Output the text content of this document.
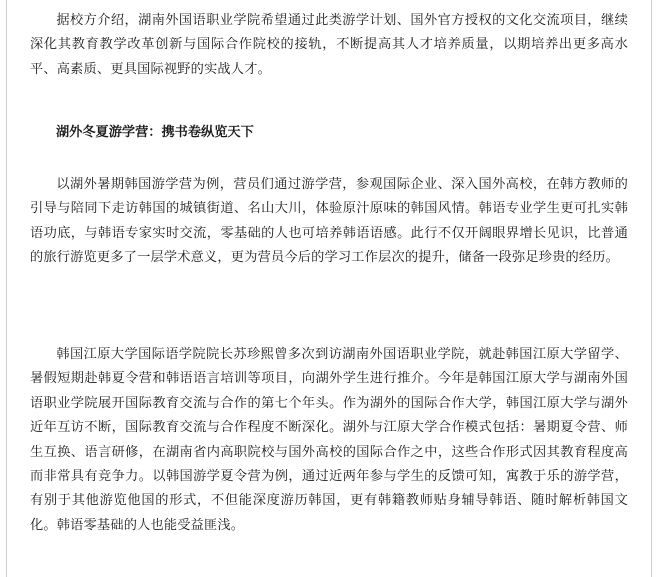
据校方介绍，湖南外国语职业学院希望通过此类游学计划、国外官方授权的文化交流项目，继续深化其教育教学改革创新与国际合作院校的接轨，不断提高其人才培养质量，以期培养出更多高水平、高素质、更具国际视野的实战人才。

湖外冬夏游学营：携书卷纵览天下

以湖外暑期韩国游学营为例，营员们通过游学营，参观国际企业、深入国外高校，在韩方教师的引导与陪同下走访韩国的城镇街道、名山大川，体验原汁原味的韩国风情。韩语专业学生更可扎实韩语功底，与韩语专家实时交流，零基础的人也可培养韩语语感。此行不仅开阔眼界增长见识，比普通的旅行游览更多了一层学术意义，更为营员今后的学习工作层次的提升，储备一段弥足珍贵的经历。

韩国江原大学国际语学院院长苏珍熙曾多次到访湖南外国语职业学院，就赴韩国江原大学留学、暑假短期赴韩夏令营和韩语语言培训等项目，向湖外学生进行推介。今年是韩国江原大学与湖南外国语职业学院展开国际教育交流与合作的第七个年头。作为湖外的国际合作大学，韩国江原大学与湖外近年互访不断，国际教育交流与合作程度不断深化。湖外与江原大学合作模式包括：暑期夏令营、师生互换、语言研修，在湖南省内高职院校与国外高校的国际合作之中，这些合作形式因其教育程度高而非常具有竞争力。以韩国游学夏令营为例，通过近两年参与学生的反馈可知，寓教于乐的游学营，有别于其他游览他国的形式，不但能深度游历韩国，更有韩籍教师贴身辅导韩语、随时解析韩国文化。韩语零基础的人也能受益匪浅。
